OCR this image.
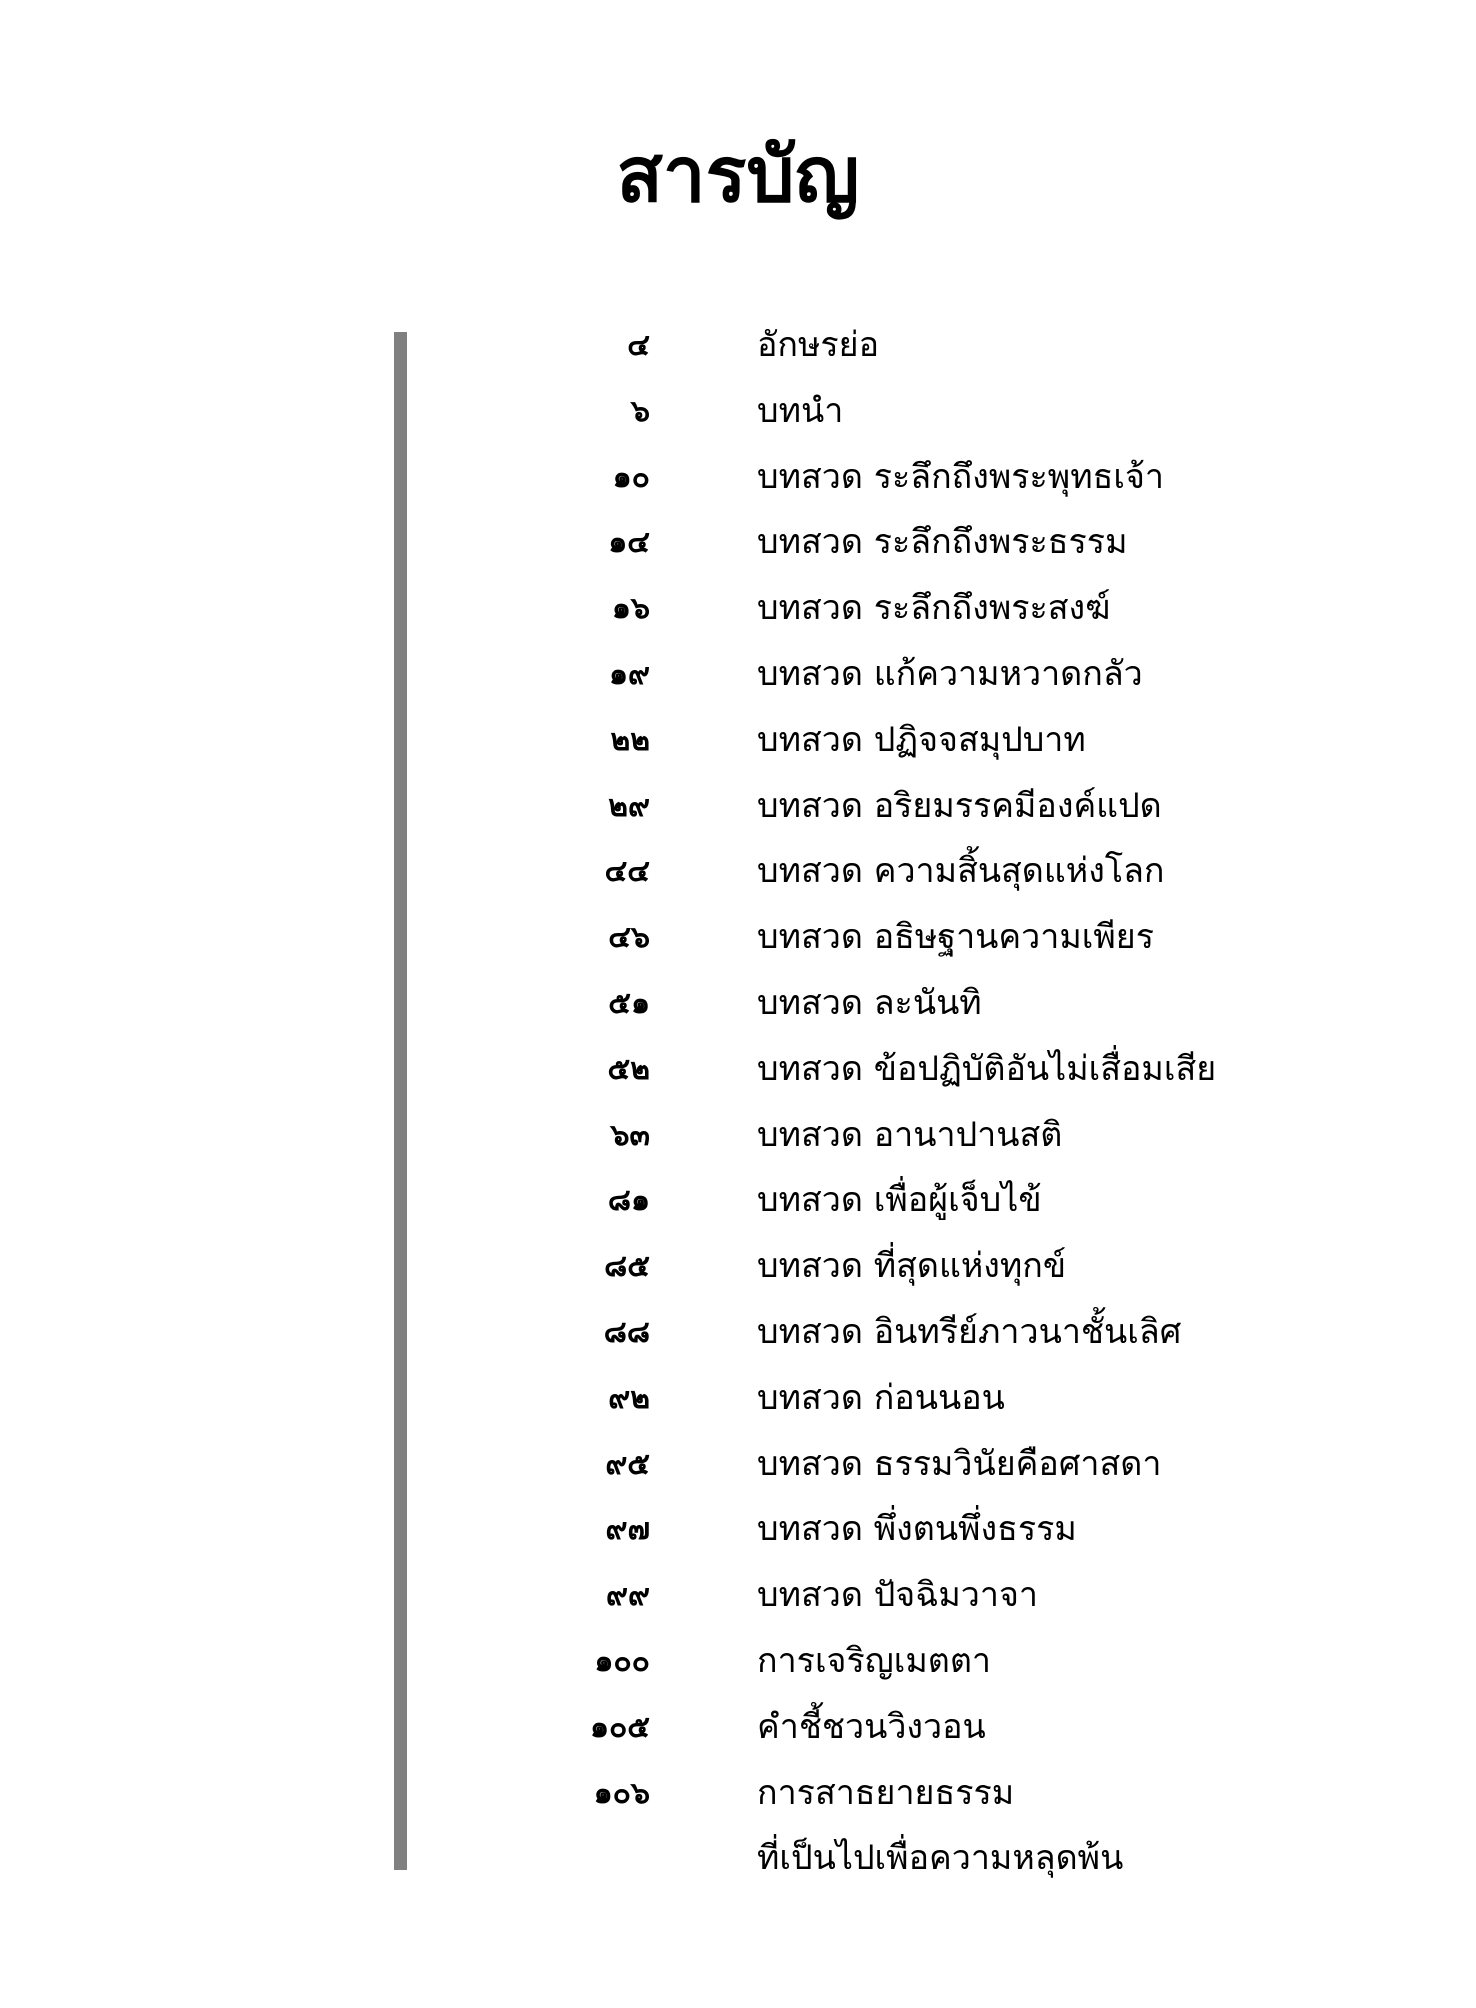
สารบัญ
๔	อักษรย่อ
๖	บทนำ
๑๐	บทสวด ระลึกถึงพระพุทธเจ้า
๑๔	บทสวด ระลึกถึงพระธรรม
๑๖	บทสวด ระลึกถึงพระสงฆ์
๑๙	บทสวด แก้ความหวาดกลัว
๒๒	บทสวด ปฏิจจสมุปบาท
๒๙	บทสวด อริยมรรคมีองค์แปด
๔๔	บทสวด ความสิ้นสุดแห่งโลก
๔๖	บทสวด อธิษฐานความเพียร
๕๑	บทสวด ละนันทิ
๕๒	บทสวด ข้อปฏิบัติอันไม่เสื่อมเสีย
๖๓	บทสวด อานาปานสติ
๘๑	บทสวด เพื่อผู้เจ็บไข้
๘๕	บทสวด ที่สุดแห่งทุกข์
๘๘	บทสวด อินทรีย์ภาวนาชั้นเลิศ
๙๒	บทสวด ก่อนนอน
๙๕	บทสวด ธรรมวินัยคือศาสดา
๙๗	บทสวด พึ่งตนพึ่งธรรม
๙๙	บทสวด ปัจฉิมวาจา
๑๐๐	การเจริญเมตตา
๑๐๕	คำชี้ชวนวิงวอน
๑๐๖	การสาธยายธรรม
ที่เป็นไปเพื่อความหลุดพ้น
